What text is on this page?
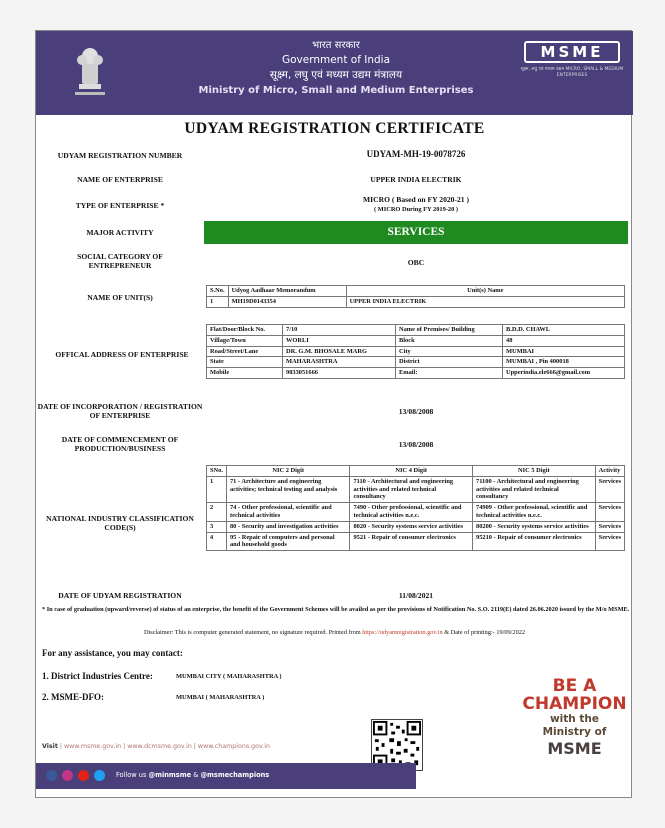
भारत सरकार
Government of India
सूक्ष्म, लघु एवं मध्यम उद्यम मंत्रालय
Ministry of Micro, Small and Medium Enterprises
MSME
सूक्ष्म, लघु एवं मध्यम उद्यम MICRO, SMALL & MEDIUM ENTERPRISES
UDYAM REGISTRATION CERTIFICATE
UDYAM REGISTRATION NUMBER	UDYAM-MH-19-0078726
NAME OF ENTERPRISE	UPPER INDIA ELECTRIK
TYPE OF ENTERPRISE *
MICRO ( Based on FY 2020-21 )
( MICRO During FY 2019-20 )
MAJOR ACTIVITY	SERVICES
SOCIAL CATEGORY OF ENTREPRENEUR	OBC
NAME OF UNIT(S)
S.No.	Udyog Aadhaar Memorandum	Unit(s) Name
1	MH19D0143354	UPPER INDIA ELECTRIK
OFFICAL ADDRESS OF ENTERPRISE
Flat/Door/Block No.	7/10	Name of Premises/ Building	B.D.D. CHAWL
Village/Town	WORLI	Block	48
Road/Street/Lane	DR. G.M. BHOSALE MARG	City	MUMBAI
State	MAHARASHTRA	District	MUMBAI , Pin 400018
Mobile	9833051666	Email:	Upperindia.ele666@gmail.com
DATE OF INCORPORATION / REGISTRATION OF ENTERPRISE	13/08/2008
DATE OF COMMENCEMENT OF PRODUCTION/BUSINESS	13/08/2008
NATIONAL INDUSTRY CLASSIFICATION CODE(S)
SNo.	NIC 2 Digit	NIC 4 Digit	NIC 5 Digit	Activity
1	71 - Architecture and engineering activities; technical testing and analysis	7110 - Architectural and engineering activities and related technical consultancy	71100 - Architectural and engineering activities and related technical consultancy	Services
2	74 - Other professional, scientific and technical activities	7490 - Other professional, scientific and technical activities n.e.c.	74909 - Other professional, scientific and technical activities n.e.c.	Services
3	80 - Security and investigation activities	8020 - Security systems service activities	80200 - Security systems service activities	Services
4	95 - Repair of computers and personal and household goods	9521 - Repair of consumer electronics	95210 - Repair of consumer electronics	Services
DATE OF UDYAM REGISTRATION	11/08/2021
* In case of graduation (upward/reverse) of status of an enterprise, the benefit of the Government Schemes will be availed as per the provisions of Notification No. S.O. 2119(E) dated 26.06.2020 issued by the M/o MSME.
Disclaimer: This is computer generated statement, no signature required. Printed from https://udyamregistration.gov.in & Date of printing:- 19/09/2022
For any assistance, you may contact:
1. District Industries Centre:	MUMBAI CITY ( MAHARASHTRA )
2. MSME-DFO:	MUMBAI ( MAHARASHTRA )
BE A
CHAMPION
with the
Ministry of
MSME
Visit | www.msme.gov.in | www.dcmsme.gov.in | www.champions.gov.in
Follow us @minmsme & @msmechampions
